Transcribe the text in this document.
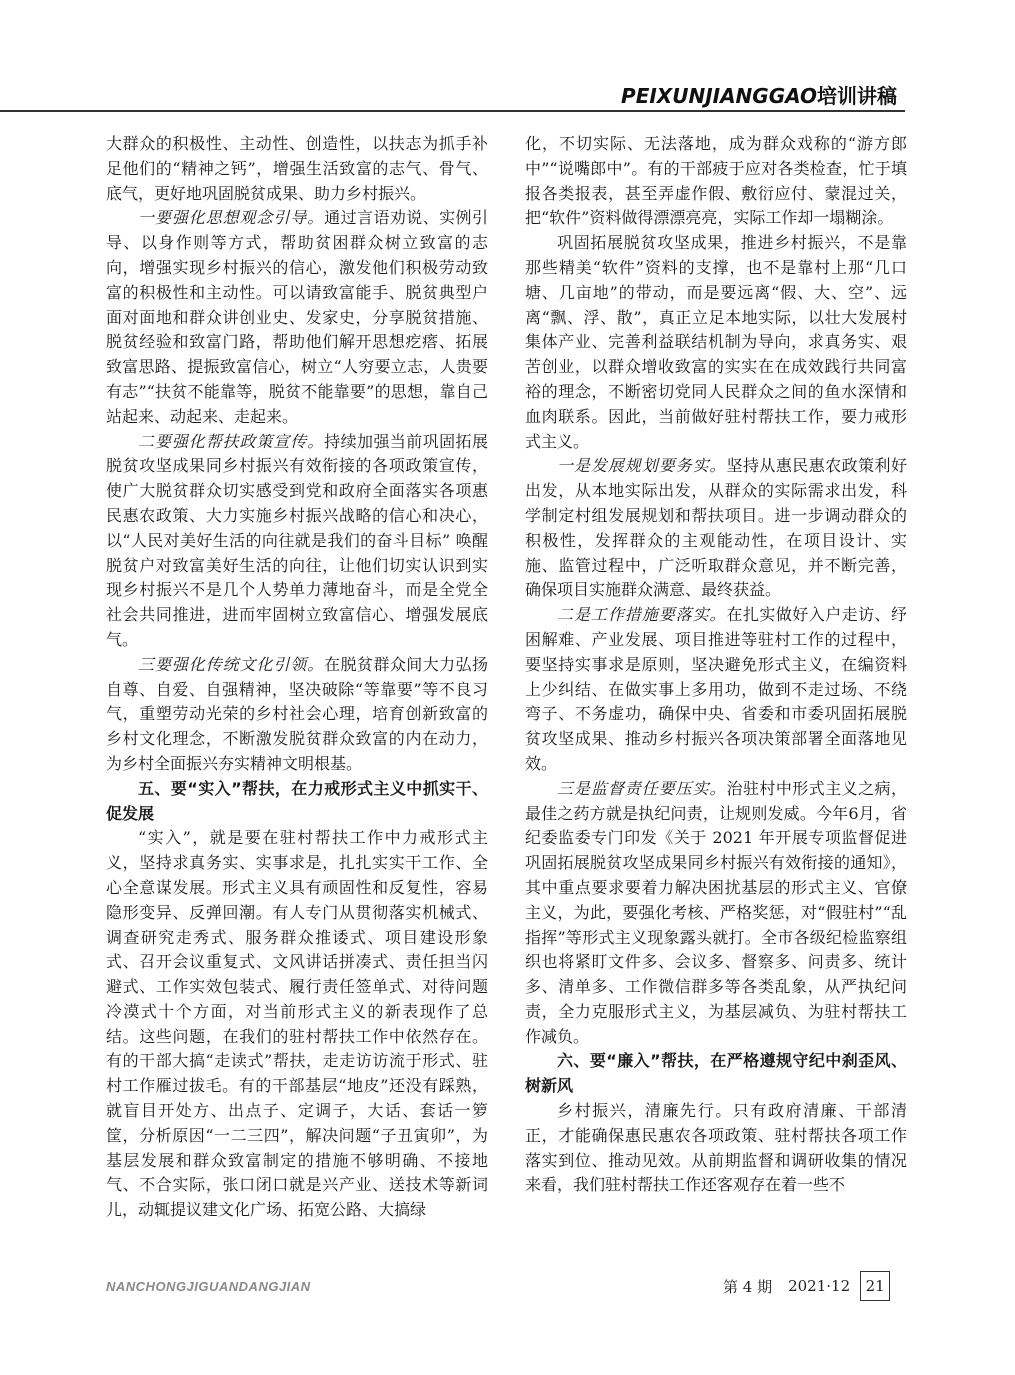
PEIXUNJIANGGAO培训讲稿

大群众的积极性、主动性、创造性，以扶志为抓手补足他们的“精神之钙”，增强生活致富的志气、骨气、底气，更好地巩固脱贫成果、助力乡村振兴。

一要强化思想观念引导。通过言语劝说、实例引导、以身作则等方式，帮助贫困群众树立致富的志向，增强实现乡村振兴的信心，激发他们积极劳动致富的积极性和主动性。可以请致富能手、脱贫典型户面对面地和群众讲创业史、发家史，分享脱贫措施、脱贫经验和致富门路，帮助他们解开思想疙瘩、拓展致富思路、提振致富信心，树立“人穷要立志，人贵要有志”“扶贫不能靠等，脱贫不能靠要”的思想，靠自己站起来、动起来、走起来。

二要强化帮扶政策宣传。持续加强当前巩固拓展脱贫攻坚成果同乡村振兴有效衔接的各项政策宣传，使广大脱贫群众切实感受到党和政府全面落实各项惠民惠农政策、大力实施乡村振兴战略的信心和决心，以“人民对美好生活的向往就是我们的奋斗目标” 唤醒脱贫户对致富美好生活的向往，让他们切实认识到实现乡村振兴不是几个人势单力薄地奋斗，而是全党全社会共同推进，进而牢固树立致富信心、增强发展底气。

三要强化传统文化引领。在脱贫群众间大力弘扬自尊、自爱、自强精神，坚决破除“等靠要”等不良习气，重塑劳动光荣的乡村社会心理，培育创新致富的乡村文化理念，不断激发脱贫群众致富的内在动力，为乡村全面振兴夯实精神文明根基。

五、要“实入”帮扶，在力戒形式主义中抓实干、促发展

“实入”，就是要在驻村帮扶工作中力戒形式主义，坚持求真务实、实事求是，扎扎实实干工作、全心全意谋发展。形式主义具有顽固性和反复性，容易隐形变异、反弹回潮。有人专门从贯彻落实机械式、调查研究走秀式、服务群众推诿式、项目建设形象式、召开会议重复式、文风讲话拼凑式、责任担当闪避式、工作实效包装式、履行责任签单式、对待问题冷漠式十个方面，对当前形式主义的新表现作了总结。这些问题，在我们的驻村帮扶工作中依然存在。有的干部大搞“走读式”帮扶，走走访访流于形式、驻村工作雁过拔毛。有的干部基层“地皮”还没有踩熟，就盲目开处方、出点子、定调子，大话、套话一箩筐，分析原因“一二三四”，解决问题“子丑寅卯”，为基层发展和群众致富制定的措施不够明确、不接地气、不合实际，张口闭口就是兴产业、送技术等新词儿，动辄提议建文化广场、拓宽公路、大搞绿

化，不切实际、无法落地，成为群众戏称的“游方郎中”“说嘴郎中”。有的干部疲于应对各类检查，忙于填报各类报表，甚至弄虚作假、敷衍应付、蒙混过关，把“软件”资料做得漂漂亮亮，实际工作却一塌糊涂。

巩固拓展脱贫攻坚成果，推进乡村振兴，不是靠那些精美“软件”资料的支撑，也不是靠村上那“几口塘、几亩地”的带动，而是要远离“假、大、空”、远离“飘、浮、散”，真正立足本地实际，以壮大发展村集体产业、完善利益联结机制为导向，求真务实、艰苦创业，以群众增收致富的实实在在成效践行共同富裕的理念，不断密切党同人民群众之间的鱼水深情和血肉联系。因此，当前做好驻村帮扶工作，要力戒形式主义。

一是发展规划要务实。坚持从惠民惠农政策利好出发，从本地实际出发，从群众的实际需求出发，科学制定村组发展规划和帮扶项目。进一步调动群众的积极性，发挥群众的主观能动性，在项目设计、实施、监管过程中，广泛听取群众意见，并不断完善，确保项目实施群众满意、最终获益。

二是工作措施要落实。在扎实做好入户走访、纾困解难、产业发展、项目推进等驻村工作的过程中，要坚持实事求是原则，坚决避免形式主义，在编资料上少纠结、在做实事上多用功，做到不走过场、不绕弯子、不务虚功，确保中央、省委和市委巩固拓展脱贫攻坚成果、推动乡村振兴各项决策部署全面落地见效。

三是监督责任要压实。治驻村中形式主义之病，最佳之药方就是执纪问责，让规则发威。今年6月，省纪委监委专门印发《关于 2021 年开展专项监督促进巩固拓展脱贫攻坚成果同乡村振兴有效衔接的通知》，其中重点要求要着力解决困扰基层的形式主义、官僚主义，为此，要强化考核、严格奖惩，对“假驻村”“乱指挥”等形式主义现象露头就打。全市各级纪检监察组织也将紧盯文件多、会议多、督察多、问责多、统计多、清单多、工作微信群多等各类乱象，从严执纪问责，全力克服形式主义，为基层减负、为驻村帮扶工作减负。

六、要“廉入”帮扶，在严格遵规守纪中刹歪风、树新风

乡村振兴，清廉先行。只有政府清廉、干部清正，才能确保惠民惠农各项政策、驻村帮扶各项工作落实到位、推动见效。从前期监督和调研收集的情况来看，我们驻村帮扶工作还客观存在着一些不

NANCHONGJIGUANDANGJIAN	第 4 期 2021·12	21
